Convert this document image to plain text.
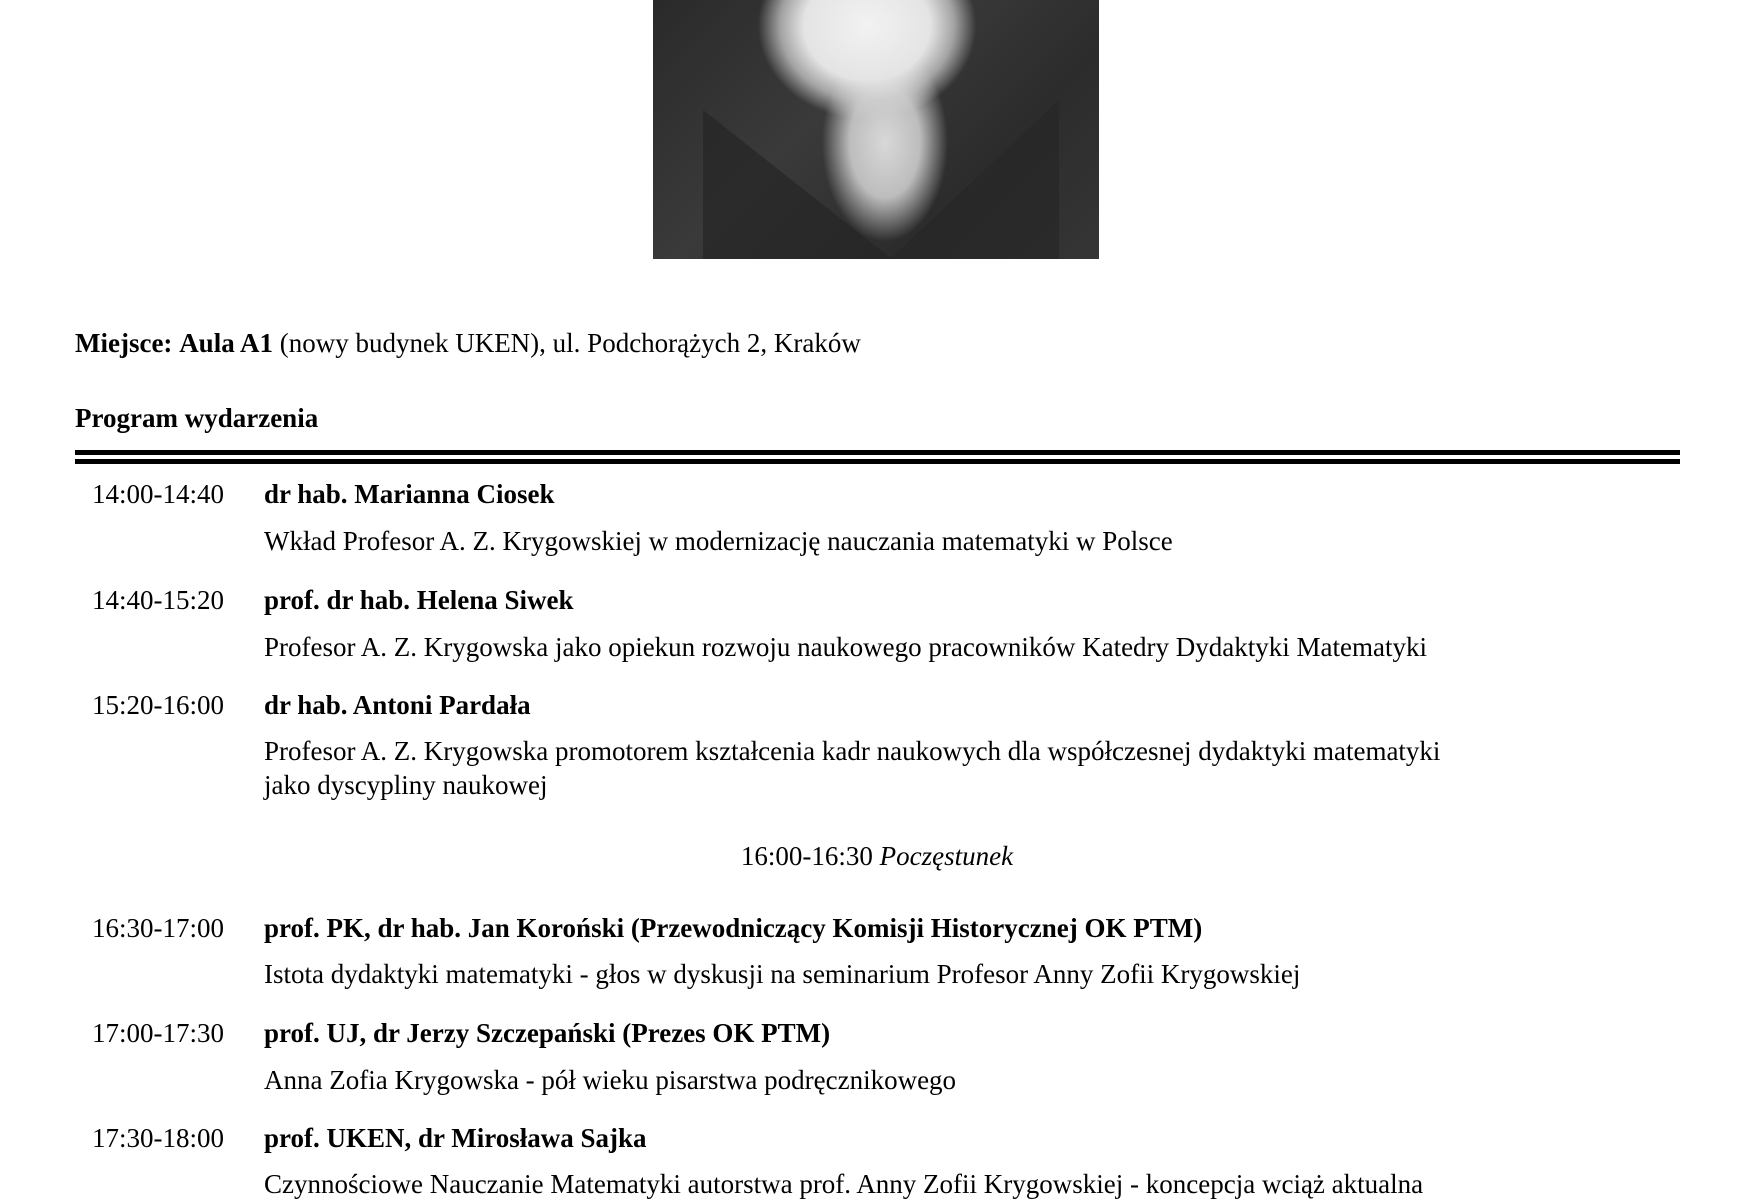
Miejsce: Aula A1 (nowy budynek UKEN), ul. Podchorążych 2, Kraków
Program wydarzenia
14:00-14:40 dr hab. Marianna Ciosek
Wkład Profesor A. Z. Krygowskiej w modernizację nauczania matematyki w Polsce
14:40-15:20 prof. dr hab. Helena Siwek
Profesor A. Z. Krygowska jako opiekun rozwoju naukowego pracowników Katedry Dydaktyki Matematyki
15:20-16:00 dr hab. Antoni Pardała
Profesor A. Z. Krygowska promotorem kształcenia kadr naukowych dla współczesnej dydaktyki matematyki
jako dyscypliny naukowej
16:00-16:30 Poczęstunek
16:30-17:00 prof. PK, dr hab. Jan Koroński (Przewodniczący Komisji Historycznej OK PTM)
Istota dydaktyki matematyki - głos w dyskusji na seminarium Profesor Anny Zofii Krygowskiej
17:00-17:30 prof. UJ, dr Jerzy Szczepański (Prezes OK PTM)
Anna Zofia Krygowska - pół wieku pisarstwa podręcznikowego
17:30-18:00 prof. UKEN, dr Mirosława Sajka
Czynnościowe Nauczanie Matematyki autorstwa prof. Anny Zofii Krygowskiej - koncepcja wciąż aktualna
